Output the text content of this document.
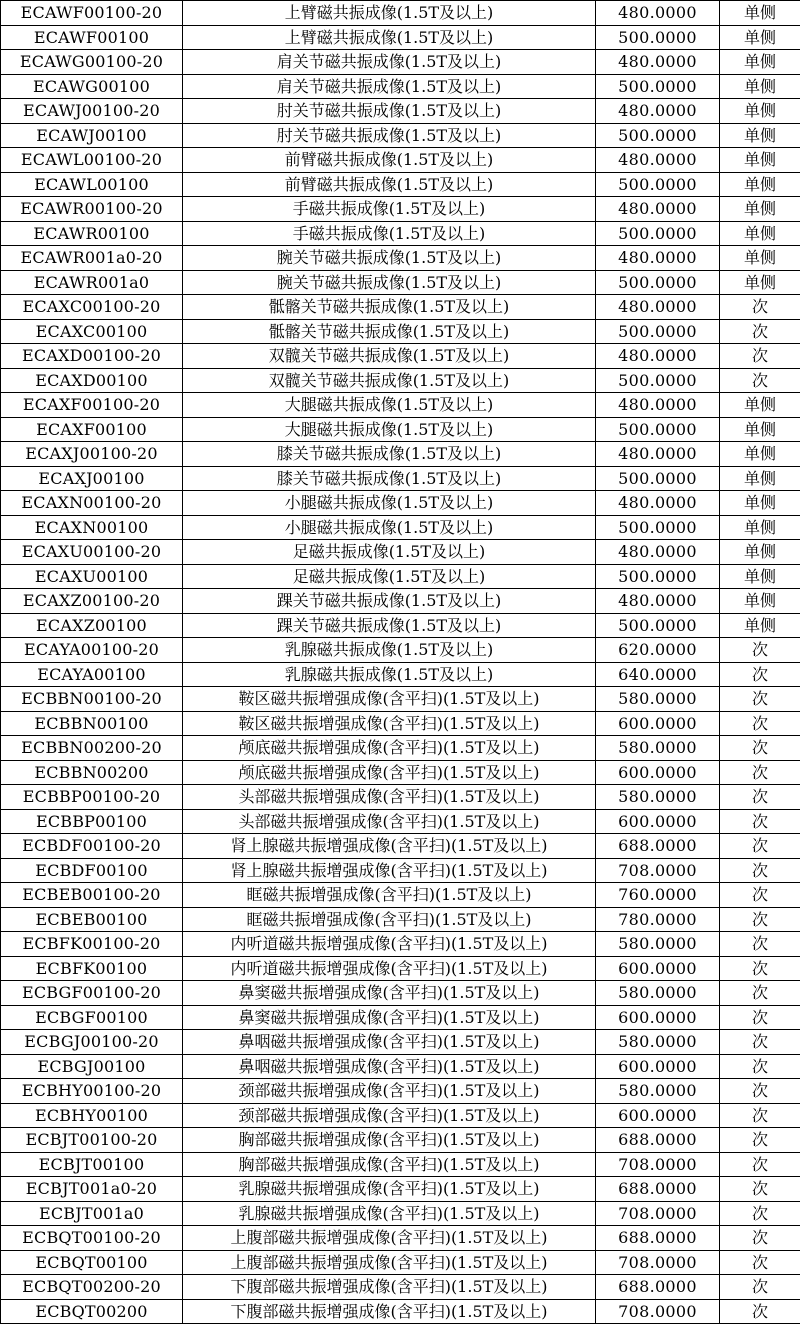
ECAWF00100-20	上臂磁共振成像(1.5T及以上)	480.0000	单侧
ECAWF00100	上臂磁共振成像(1.5T及以上)	500.0000	单侧
ECAWG00100-20	肩关节磁共振成像(1.5T及以上)	480.0000	单侧
ECAWG00100	肩关节磁共振成像(1.5T及以上)	500.0000	单侧
ECAWJ00100-20	肘关节磁共振成像(1.5T及以上)	480.0000	单侧
ECAWJ00100	肘关节磁共振成像(1.5T及以上)	500.0000	单侧
ECAWL00100-20	前臂磁共振成像(1.5T及以上)	480.0000	单侧
ECAWL00100	前臂磁共振成像(1.5T及以上)	500.0000	单侧
ECAWR00100-20	手磁共振成像(1.5T及以上)	480.0000	单侧
ECAWR00100	手磁共振成像(1.5T及以上)	500.0000	单侧
ECAWR001a0-20	腕关节磁共振成像(1.5T及以上)	480.0000	单侧
ECAWR001a0	腕关节磁共振成像(1.5T及以上)	500.0000	单侧
ECAXC00100-20	骶髂关节磁共振成像(1.5T及以上)	480.0000	次
ECAXC00100	骶髂关节磁共振成像(1.5T及以上)	500.0000	次
ECAXD00100-20	双髋关节磁共振成像(1.5T及以上)	480.0000	次
ECAXD00100	双髋关节磁共振成像(1.5T及以上)	500.0000	次
ECAXF00100-20	大腿磁共振成像(1.5T及以上)	480.0000	单侧
ECAXF00100	大腿磁共振成像(1.5T及以上)	500.0000	单侧
ECAXJ00100-20	膝关节磁共振成像(1.5T及以上)	480.0000	单侧
ECAXJ00100	膝关节磁共振成像(1.5T及以上)	500.0000	单侧
ECAXN00100-20	小腿磁共振成像(1.5T及以上)	480.0000	单侧
ECAXN00100	小腿磁共振成像(1.5T及以上)	500.0000	单侧
ECAXU00100-20	足磁共振成像(1.5T及以上)	480.0000	单侧
ECAXU00100	足磁共振成像(1.5T及以上)	500.0000	单侧
ECAXZ00100-20	踝关节磁共振成像(1.5T及以上)	480.0000	单侧
ECAXZ00100	踝关节磁共振成像(1.5T及以上)	500.0000	单侧
ECAYA00100-20	乳腺磁共振成像(1.5T及以上)	620.0000	次
ECAYA00100	乳腺磁共振成像(1.5T及以上)	640.0000	次
ECBBN00100-20	鞍区磁共振增强成像(含平扫)(1.5T及以上)	580.0000	次
ECBBN00100	鞍区磁共振增强成像(含平扫)(1.5T及以上)	600.0000	次
ECBBN00200-20	颅底磁共振增强成像(含平扫)(1.5T及以上)	580.0000	次
ECBBN00200	颅底磁共振增强成像(含平扫)(1.5T及以上)	600.0000	次
ECBBP00100-20	头部磁共振增强成像(含平扫)(1.5T及以上)	580.0000	次
ECBBP00100	头部磁共振增强成像(含平扫)(1.5T及以上)	600.0000	次
ECBDF00100-20	肾上腺磁共振增强成像(含平扫)(1.5T及以上)	688.0000	次
ECBDF00100	肾上腺磁共振增强成像(含平扫)(1.5T及以上)	708.0000	次
ECBEB00100-20	眶磁共振增强成像(含平扫)(1.5T及以上)	760.0000	次
ECBEB00100	眶磁共振增强成像(含平扫)(1.5T及以上)	780.0000	次
ECBFK00100-20	内听道磁共振增强成像(含平扫)(1.5T及以上)	580.0000	次
ECBFK00100	内听道磁共振增强成像(含平扫)(1.5T及以上)	600.0000	次
ECBGF00100-20	鼻窦磁共振增强成像(含平扫)(1.5T及以上)	580.0000	次
ECBGF00100	鼻窦磁共振增强成像(含平扫)(1.5T及以上)	600.0000	次
ECBGJ00100-20	鼻咽磁共振增强成像(含平扫)(1.5T及以上)	580.0000	次
ECBGJ00100	鼻咽磁共振增强成像(含平扫)(1.5T及以上)	600.0000	次
ECBHY00100-20	颈部磁共振增强成像(含平扫)(1.5T及以上)	580.0000	次
ECBHY00100	颈部磁共振增强成像(含平扫)(1.5T及以上)	600.0000	次
ECBJT00100-20	胸部磁共振增强成像(含平扫)(1.5T及以上)	688.0000	次
ECBJT00100	胸部磁共振增强成像(含平扫)(1.5T及以上)	708.0000	次
ECBJT001a0-20	乳腺磁共振增强成像(含平扫)(1.5T及以上)	688.0000	次
ECBJT001a0	乳腺磁共振增强成像(含平扫)(1.5T及以上)	708.0000	次
ECBQT00100-20	上腹部磁共振增强成像(含平扫)(1.5T及以上)	688.0000	次
ECBQT00100	上腹部磁共振增强成像(含平扫)(1.5T及以上)	708.0000	次
ECBQT00200-20	下腹部磁共振增强成像(含平扫)(1.5T及以上)	688.0000	次
ECBQT00200	下腹部磁共振增强成像(含平扫)(1.5T及以上)	708.0000	次
